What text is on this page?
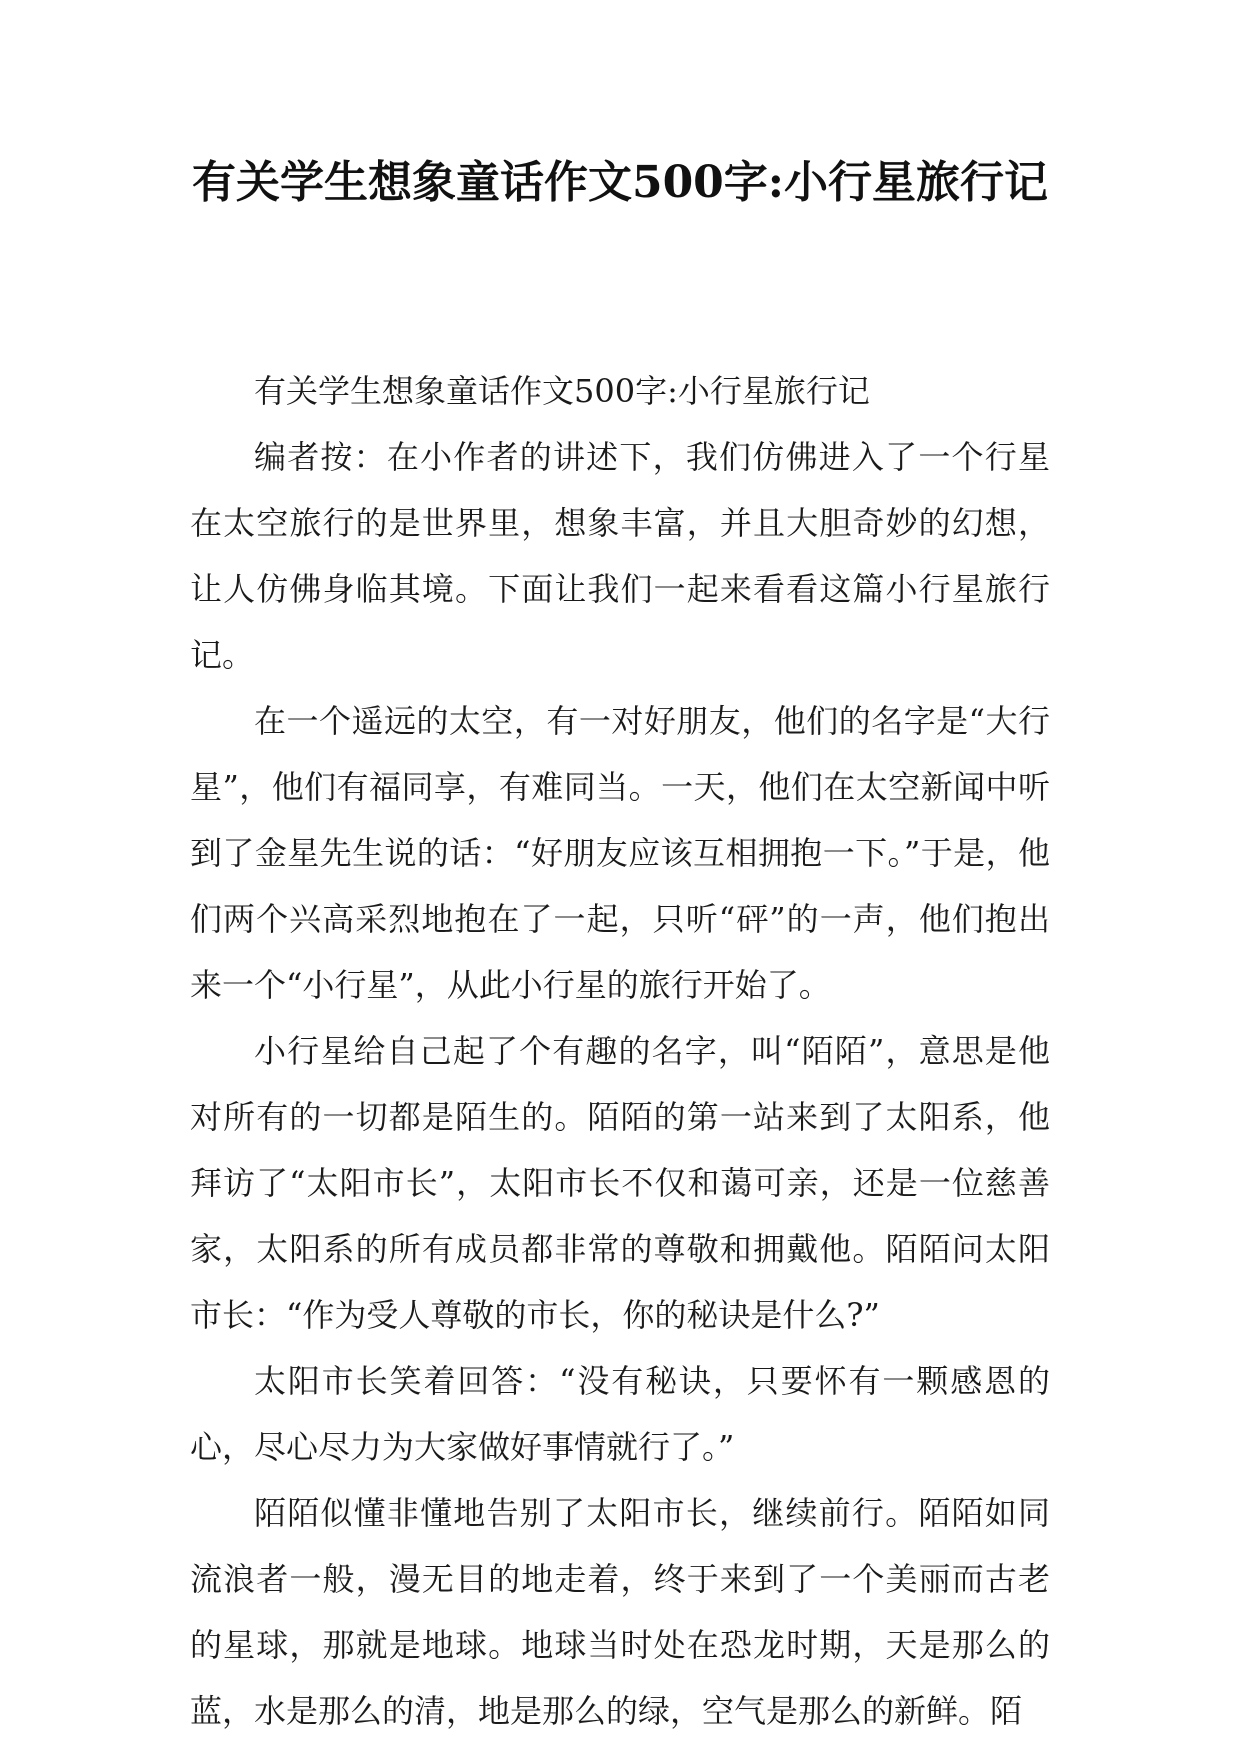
有关学生想象童话作文500字:小行星旅行记

有关学生想象童话作文500字:小行星旅行记

编者按：在小作者的讲述下，我们仿佛进入了一个行星在太空旅行的是世界里，想象丰富，并且大胆奇妙的幻想，让人仿佛身临其境。下面让我们一起来看看这篇小行星旅行记。

在一个遥远的太空，有一对好朋友，他们的名字是“大行星”，他们有福同享，有难同当。一天，他们在太空新闻中听到了金星先生说的话：“好朋友应该互相拥抱一下。”于是，他们两个兴高采烈地抱在了一起，只听“砰”的一声，他们抱出来一个“小行星”，从此小行星的旅行开始了。

小行星给自己起了个有趣的名字，叫“陌陌”，意思是他对所有的一切都是陌生的。陌陌的第一站来到了太阳系，他拜访了“太阳市长”，太阳市长不仅和蔼可亲，还是一位慈善家，太阳系的所有成员都非常的尊敬和拥戴他。陌陌问太阳市长：“作为受人尊敬的市长，你的秘诀是什么?”

太阳市长笑着回答：“没有秘诀，只要怀有一颗感恩的心，尽心尽力为大家做好事情就行了。”

陌陌似懂非懂地告别了太阳市长，继续前行。陌陌如同流浪者一般，漫无目的地走着，终于来到了一个美丽而古老的星球，那就是地球。地球当时处在恐龙时期，天是那么的蓝，水是那么的清，地是那么的绿，空气是那么的新鲜。陌
